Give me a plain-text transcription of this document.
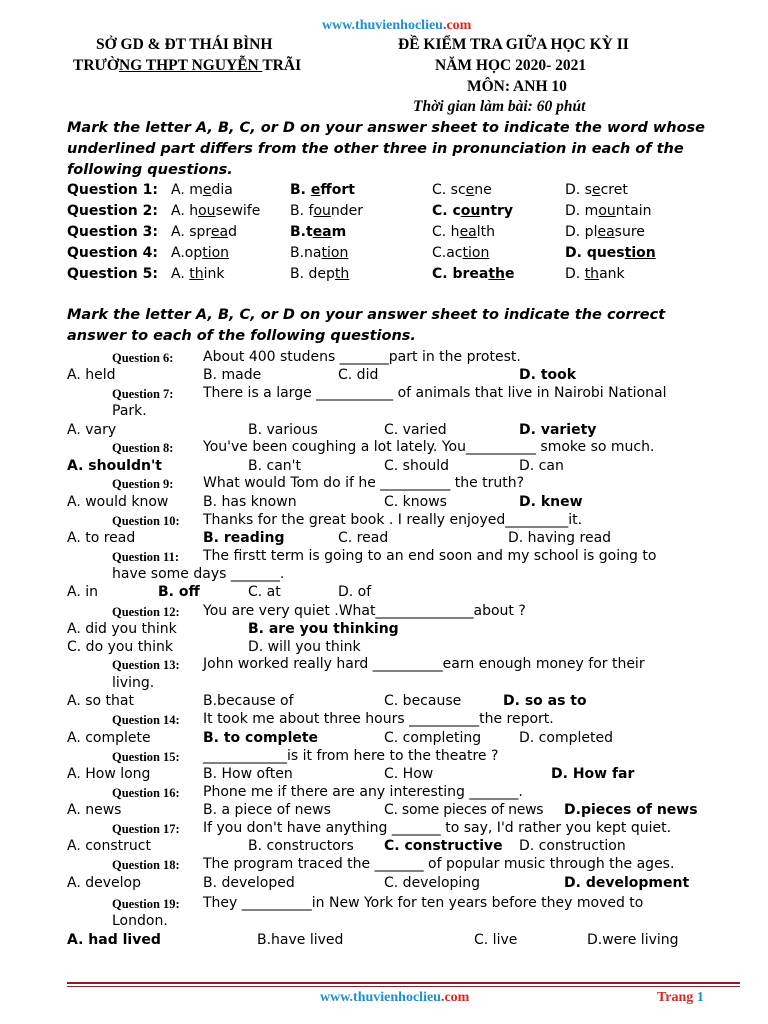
www.thuvienhoclieu.com
SỞ GD & ĐT THÁI BÌNH
TRƯỜNG THPT NGUYỄN TRÃI
ĐỀ KIỂM TRA GIỮA HỌC KỲ II
NĂM HỌC 2020- 2021
MÔN: ANH 10
Thời gian làm bài: 60 phút
Mark the letter A, B, C, or D on your answer sheet to indicate the word whose underlined part differs from the other three in pronunciation in each of the following questions.
Question 1: A. media	B. effort	C. scene	D. secret
Question 2: A. housewife B. founder	C. country	D. mountain
Question 3: A. spread	B.team	C. health	D. pleasure
Question 4: A.option	B.nation	C.action	D. question
Question 5: A. think	B. depth	C. breathe	D. thank
Mark the letter A, B, C, or D on your answer sheet to indicate the correct answer to each of the following questions.
Question 6: About 400 studens _______part in the protest.
A. held	B. made	C. did	D. took
Question 7: There is a large ___________ of animals that live in Nairobi National
Park.
A. vary	B. various	C. varied	D. variety
Question 8: You've been coughing a lot lately. You__________ smoke so much.
A. shouldn't	B. can't	C. should	D. can
Question 9: What would Tom do if he __________ the truth?
A. would know B. has known	C. knows	D. knew
Question 10: Thanks for the great book . I really enjoyed_________it.
A. to read	B. reading	C. read	D. having read
Question 11: The firstt term is going to an end soon and my school is going to
have some days _______.
A. in	B. off	C. at	D. of
Question 12: You are very quiet .What______________about ?
A. did you think	B. are you thinking
C. do you think	D. will you think
Question 13: John worked really hard __________earn enough money for their
living.
A. so that	B.because of	C. because	D. so as to
Question 14: It took me about three hours __________the report.
A. complete	B. to complete	C. completing	D. completed
Question 15: ____________is it from here to the theatre ?
A. How long	B. How often	C. How	D. How far
Question 16: Phone me if there are any interesting _______.
A. news	B. a piece of news	C. some pieces of news D.pieces of news
Question 17: If you don't have anything _______ to say, I'd rather you kept quiet.
A. construct	B. constructors C. constructive D. construction
Question 18: The program traced the _______ of popular music through the ages.
A. develop	B. developed	C. developing	D. development
Question 19: They __________in New York for ten years before they moved to
London.
A. had lived	B.have lived	C. live	D.were living
www.thuvienhoclieu.com	Trang 1
